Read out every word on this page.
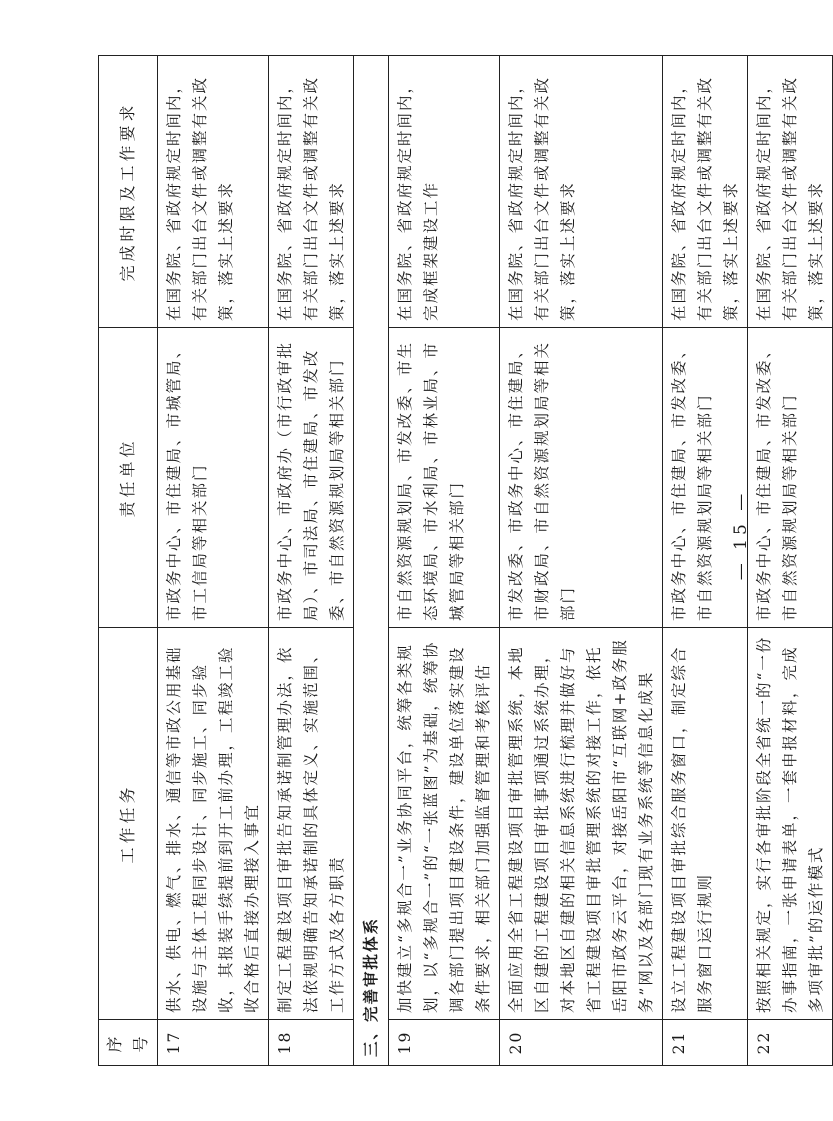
序号	工作任务	责任单位	完成时限及工作要求
17	供水、供电、燃气、排水、通信等市政公用基础设施与主体工程同步设计、同步施工、同步验收，其报装手续提前到开工前办理，工程竣工验收合格后直接办理接入事宜	市政务中心、市住建局、市城管局、市工信局等相关部门	在国务院、省政府规定时间内，有关部门出台文件或调整有关政策，落实上述要求
18	制定工程建设项目审批告知承诺制管理办法，依法依规明确告知承诺制的具体定义、实施范围、工作方式及各方职责	市政务中心、市政府办（市行政审批局）、市司法局、市住建局、市发改委、市自然资源规划局等相关部门	在国务院、省政府规定时间内，有关部门出台文件或调整有关政策，落实上述要求
三、完善审批体系			
19	加快建立“多规合一”业务协同平台，统筹各类规划，以“多规合一”的“一张蓝图”为基础，统筹协调各部门提出项目建设条件，建设单位落实建设条件要求，相关部门加强监督管理和考核评估	市自然资源规划局、市发改委、市生态环境局、市水利局、市林业局、市城管局等相关部门	在国务院、省政府规定时间内，完成框架建设工作
20	全面应用全省工程建设项目审批管理系统，本地区自建的工程建设项目审批事项通过系统办理，对本地区自建的相关信息系统进行梳理并做好与省工程建设项目审批管理系统的对接工作，依托岳阳市政务云平台，对接岳阳市“互联网+政务服务”网以及各部门现有业务系统等信息化成果	市发改委、市政务中心、市住建局、市财政局、市自然资源规划局等相关部门	在国务院、省政府规定时间内，有关部门出台文件或调整有关政策，落实上述要求
21	设立工程建设项目审批综合服务窗口，制定综合服务窗口运行规则	市政务中心、市住建局、市发改委、市自然资源规划局等相关部门	在国务院、省政府规定时间内，有关部门出台文件或调整有关政策，落实上述要求
22	按照相关规定，实行各审批阶段全省统一的“一份办事指南，一张申请表单，一套申报材料，完成多项审批”的运作模式	市政务中心、市住建局、市发改委、市自然资源规划局等相关部门	在国务院、省政府规定时间内，有关部门出台文件或调整有关政策，落实上述要求
— 15 —
